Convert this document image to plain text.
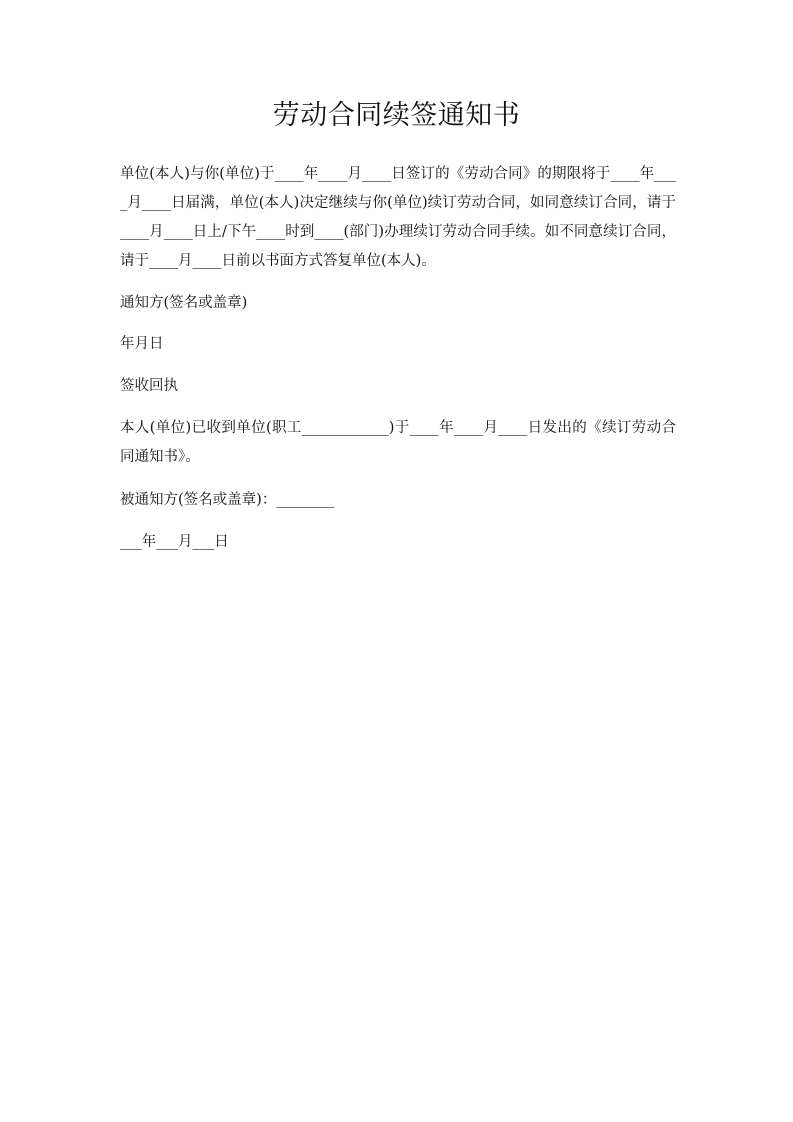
劳动合同续签通知书

单位(本人)与你(单位)于____年____月____日签订的《劳动合同》的期限将于____年____月____日届满，单位(本人)决定继续与你(单位)续订劳动合同，如同意续订合同，请于____月____日上/下午____时到____(部门)办理续订劳动合同手续。如不同意续订合同，请于____月____日前以书面方式答复单位(本人)。

通知方(签名或盖章)

年月日

签收回执

本人(单位)已收到单位(职工____________)于____年____月____日发出的《续订劳动合同通知书》。

被通知方(签名或盖章)：________

___年___月___日
